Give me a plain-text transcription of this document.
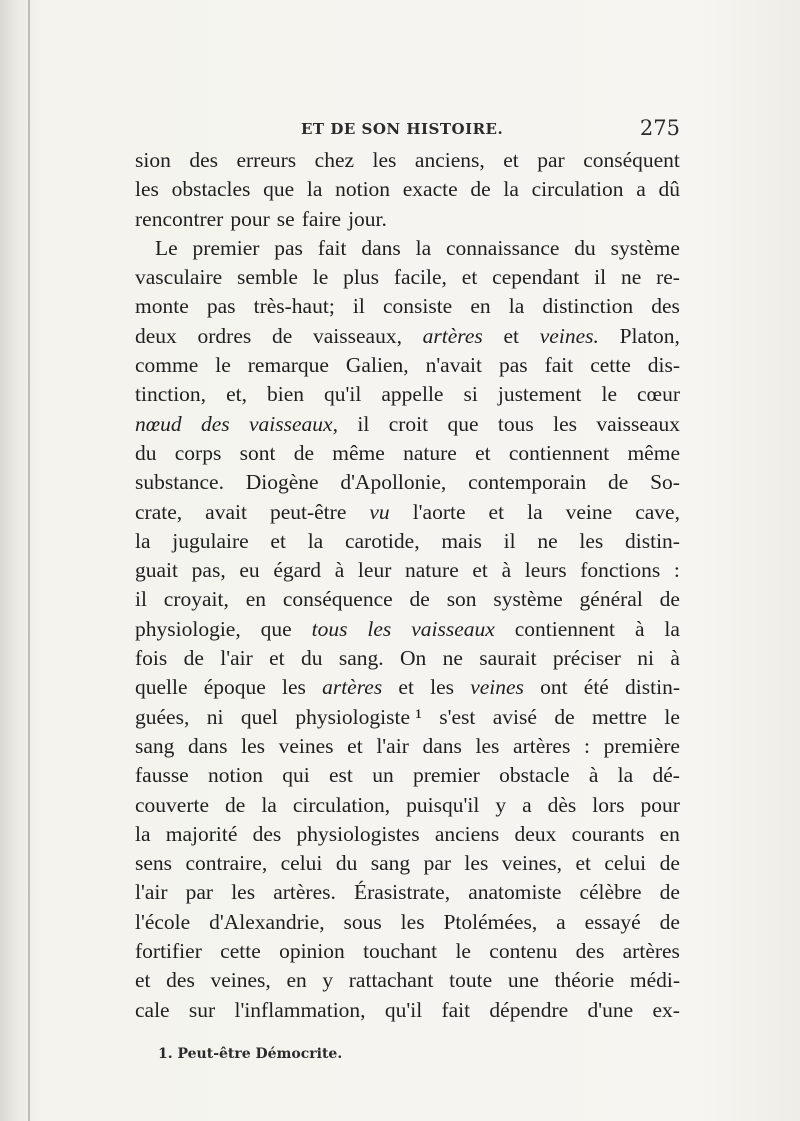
ET DE SON HISTOIRE.	275
sion des erreurs chez les anciens, et par conséquent
les obstacles que la notion exacte de la circulation a dû
rencontrer pour se faire jour.
Le premier pas fait dans la connaissance du système
vasculaire semble le plus facile, et cependant il ne re-
monte pas très-haut; il consiste en la distinction des
deux ordres de vaisseaux, artères et veines. Platon,
comme le remarque Galien, n'avait pas fait cette dis-
tinction, et, bien qu'il appelle si justement le cœur
nœud des vaisseaux, il croit que tous les vaisseaux
du corps sont de même nature et contiennent même
substance. Diogène d'Apollonie, contemporain de So-
crate, avait peut-être vu l'aorte et la veine cave,
la jugulaire et la carotide, mais il ne les distin-
guait pas, eu égard à leur nature et à leurs fonctions :
il croyait, en conséquence de son système général de
physiologie, que tous les vaisseaux contiennent à la
fois de l'air et du sang. On ne saurait préciser ni à
quelle époque les artères et les veines ont été distin-
guées, ni quel physiologiste ¹ s'est avisé de mettre le
sang dans les veines et l'air dans les artères : première
fausse notion qui est un premier obstacle à la dé-
couverte de la circulation, puisqu'il y a dès lors pour
la majorité des physiologistes anciens deux courants en
sens contraire, celui du sang par les veines, et celui de
l'air par les artères. Érasistrate, anatomiste célèbre de
l'école d'Alexandrie, sous les Ptolémées, a essayé de
fortifier cette opinion touchant le contenu des artères
et des veines, en y rattachant toute une théorie médi-
cale sur l'inflammation, qu'il fait dépendre d'une ex-
1. Peut-être Démocrite.
